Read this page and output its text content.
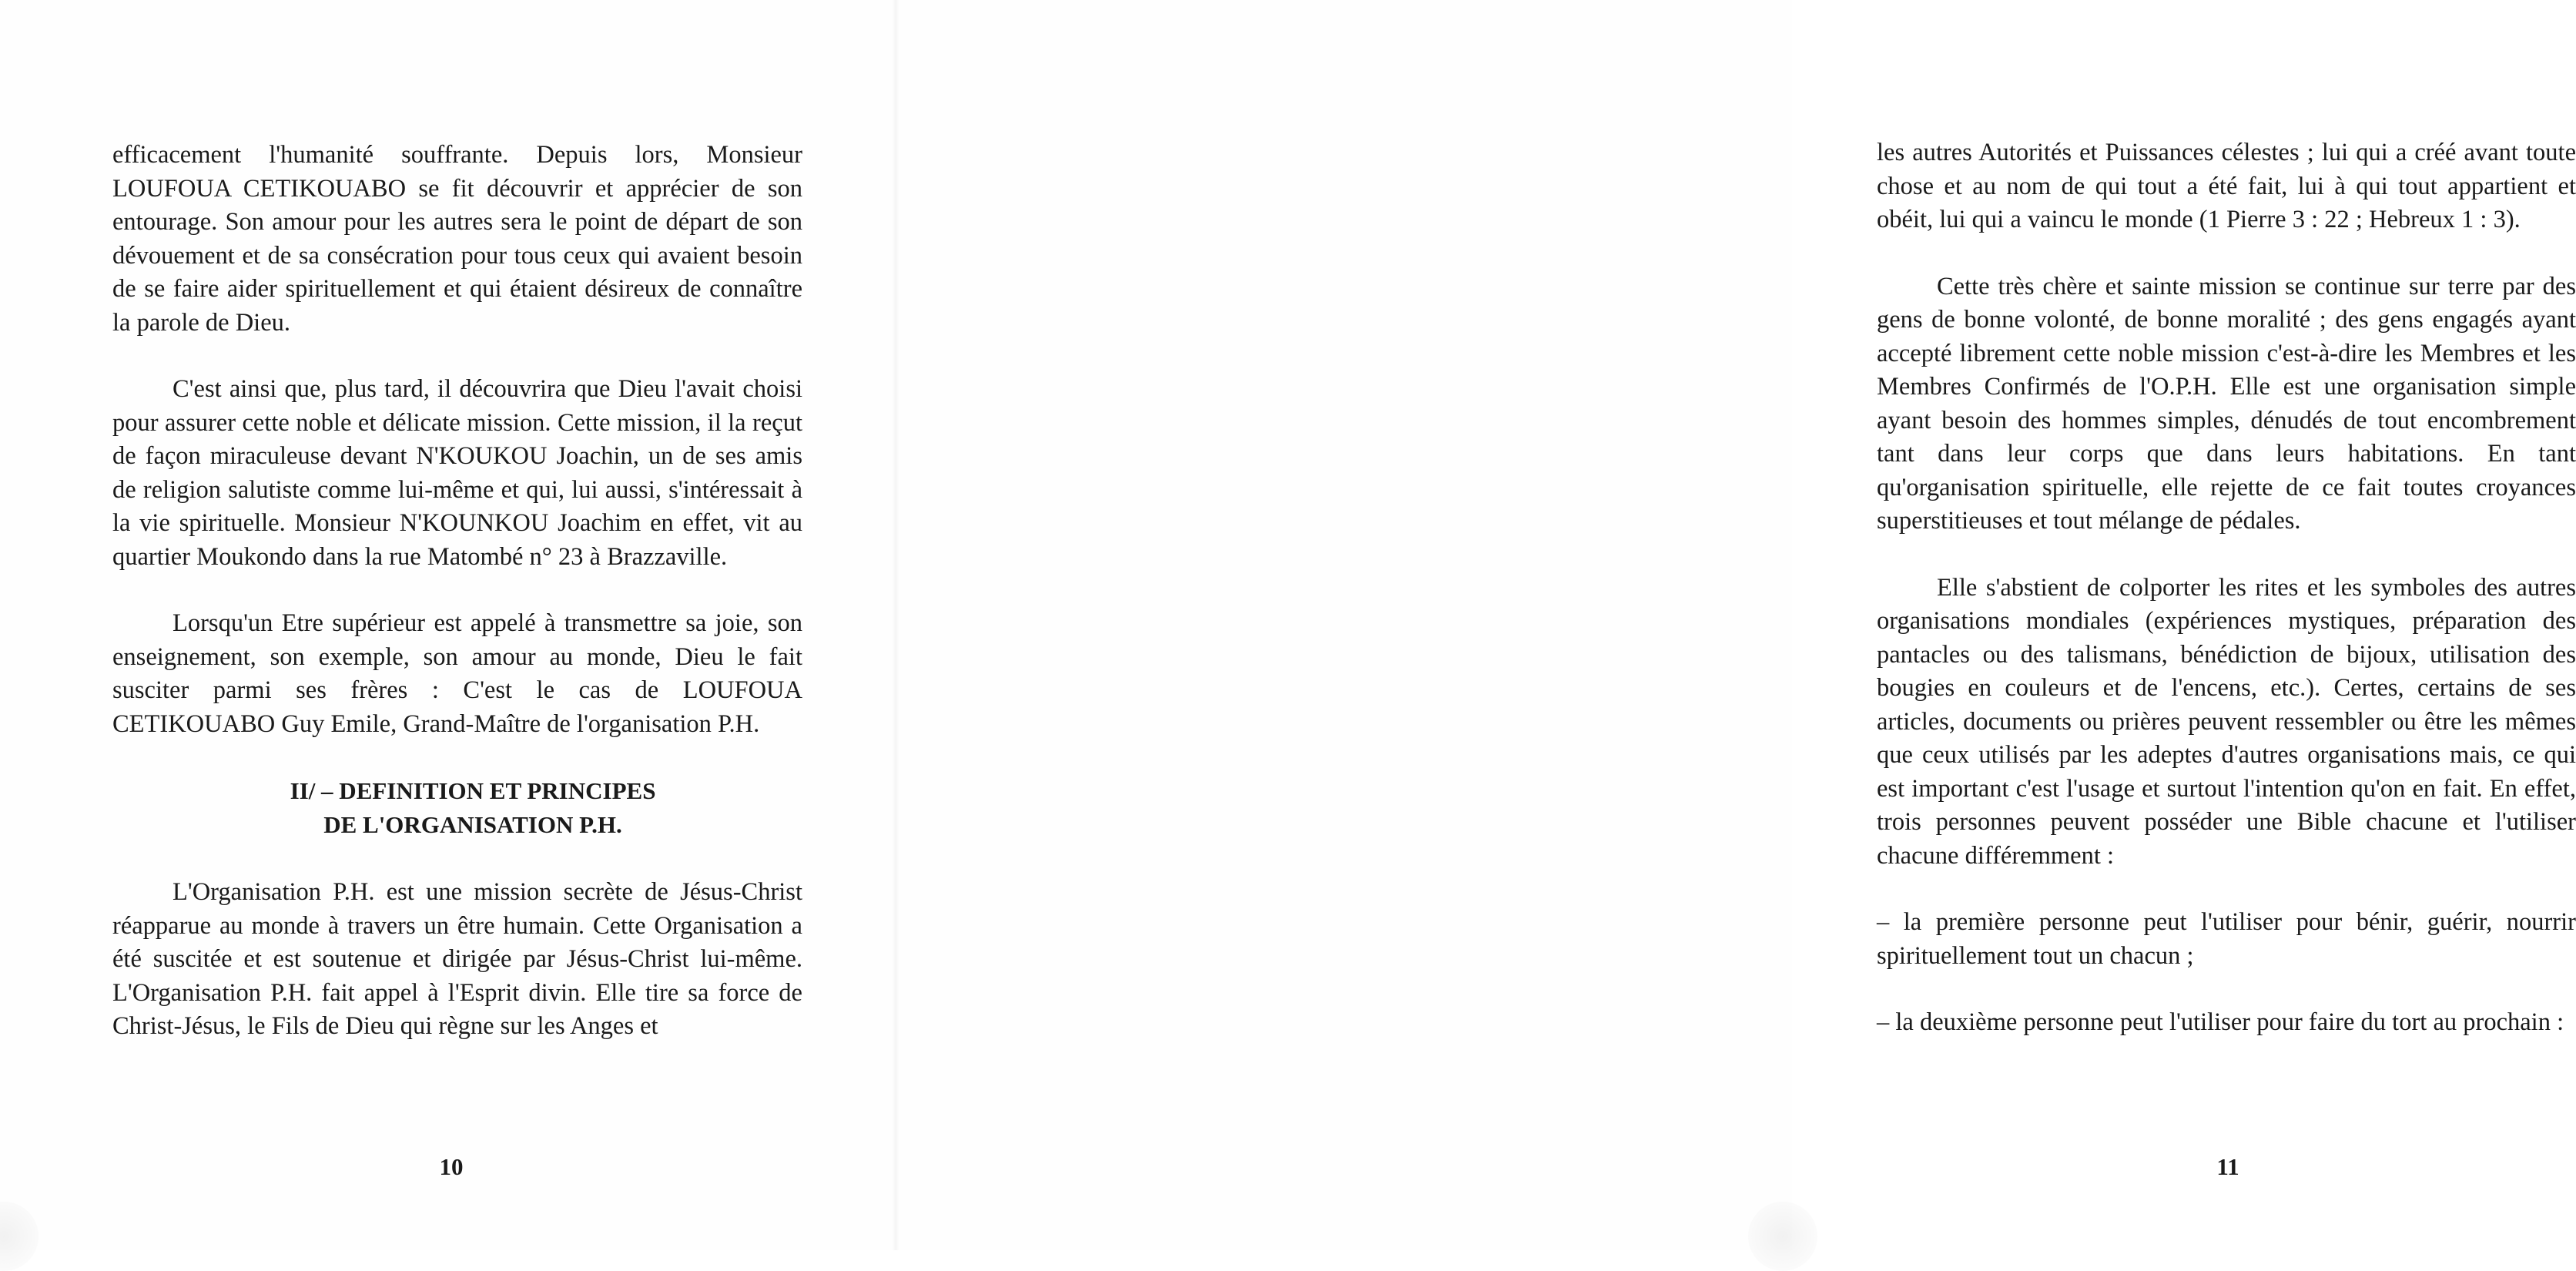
efficacement l'humanité souffrante. Depuis lors, Monsieur LOUFOUA CETIKOUABO se fit découvrir et apprécier de son entourage. Son amour pour les autres sera le point de départ de son dévouement et de sa consécration pour tous ceux qui avaient besoin de se faire aider spirituellement et qui étaient désireux de connaître la parole de Dieu.

C'est ainsi que, plus tard, il découvrira que Dieu l'avait choisi pour assurer cette noble et délicate mission. Cette mission, il la reçut de façon miraculeuse devant N'KOUKOU Joachin, un de ses amis de religion salutiste comme lui-même et qui, lui aussi, s'intéressait à la vie spirituelle. Monsieur N'KOUNKOU Joachim en effet, vit au quartier Moukondo dans la rue Matombé n° 23 à Brazzaville.

Lorsqu'un Etre supérieur est appelé à transmettre sa joie, son enseignement, son exemple, son amour au monde, Dieu le fait susciter parmi ses frères : C'est le cas de LOUFOUA CETIKOUABO Guy Emile, Grand-Maître de l'organisation P.H.

II/ – DEFINITION ET PRINCIPES
DE L'ORGANISATION P.H.

L'Organisation P.H. est une mission secrète de Jésus-Christ réapparue au monde à travers un être humain. Cette Organisation a été suscitée et est soutenue et dirigée par Jésus-Christ lui-même. L'Organisation P.H. fait appel à l'Esprit divin. Elle tire sa force de Christ-Jésus, le Fils de Dieu qui règne sur les Anges et

10

les autres Autorités et Puissances célestes ; lui qui a créé avant toute chose et au nom de qui tout a été fait, lui à qui tout appartient et obéit, lui qui a vaincu le monde (1 Pierre 3 : 22 ; Hebreux 1 : 3).

Cette très chère et sainte mission se continue sur terre par des gens de bonne volonté, de bonne moralité ; des gens engagés ayant accepté librement cette noble mission c'est-à-dire les Membres et les Membres Confirmés de l'O.P.H. Elle est une organisation simple ayant besoin des hommes simples, dénudés de tout encombrement tant dans leur corps que dans leurs habitations. En tant qu'organisation spirituelle, elle rejette de ce fait toutes croyances superstitieuses et tout mélange de pédales.

Elle s'abstient de colporter les rites et les symboles des autres organisations mondiales (expériences mystiques, préparation des pantacles ou des talismans, bénédiction de bijoux, utilisation des bougies en couleurs et de l'encens, etc.). Certes, certains de ses articles, documents ou prières peuvent ressembler ou être les mêmes que ceux utilisés par les adeptes d'autres organisations mais, ce qui est important c'est l'usage et surtout l'intention qu'on en fait. En effet, trois personnes peuvent posséder une Bible chacune et l'utiliser chacune différemment :

– la première personne peut l'utiliser pour bénir, guérir, nourrir spirituellement tout un chacun ;

– la deuxième personne peut l'utiliser pour faire du tort au prochain :

11
